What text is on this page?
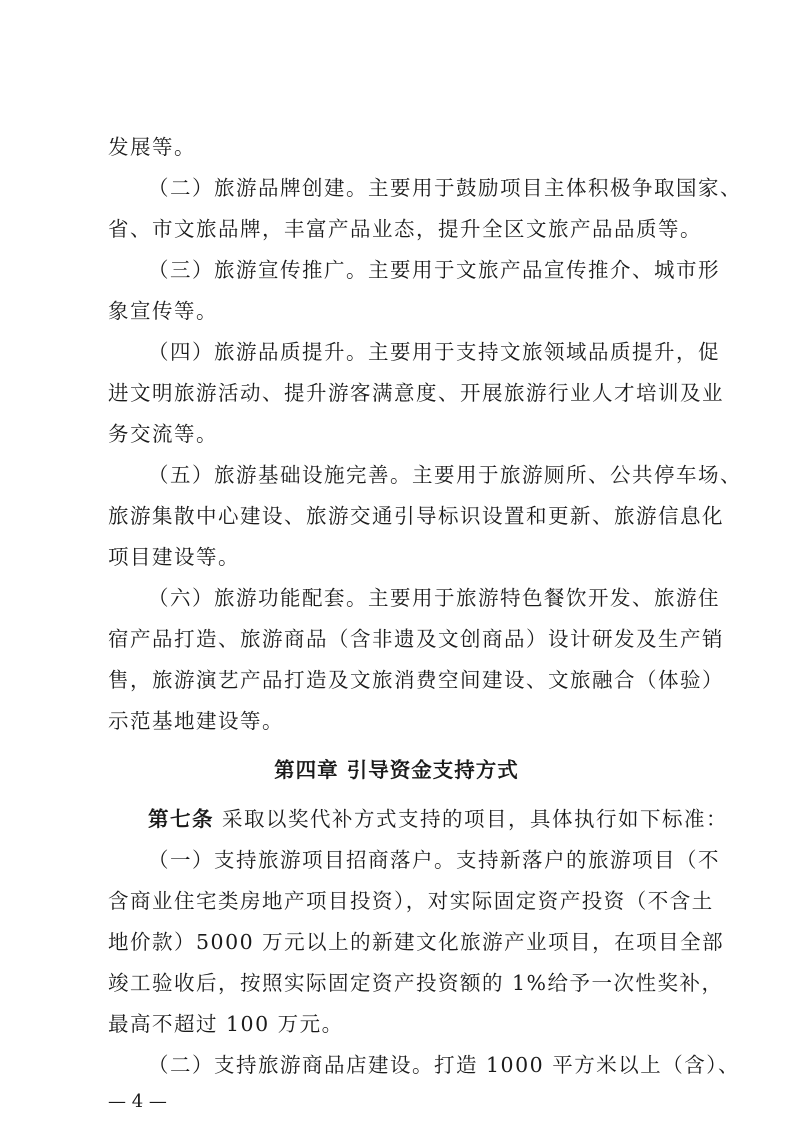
发展等。
（二）旅游品牌创建。主要用于鼓励项目主体积极争取国家、
省、市文旅品牌，丰富产品业态，提升全区文旅产品品质等。
（三）旅游宣传推广。主要用于文旅产品宣传推介、城市形
象宣传等。
（四）旅游品质提升。主要用于支持文旅领域品质提升，促
进文明旅游活动、提升游客满意度、开展旅游行业人才培训及业
务交流等。
（五）旅游基础设施完善。主要用于旅游厕所、公共停车场、
旅游集散中心建设、旅游交通引导标识设置和更新、旅游信息化
项目建设等。
（六）旅游功能配套。主要用于旅游特色餐饮开发、旅游住
宿产品打造、旅游商品（含非遗及文创商品）设计研发及生产销
售，旅游演艺产品打造及文旅消费空间建设、文旅融合（体验）
示范基地建设等。
第四章 引导资金支持方式
第七条 采取以奖代补方式支持的项目，具体执行如下标准：
（一）支持旅游项目招商落户。支持新落户的旅游项目（不
含商业住宅类房地产项目投资），对实际固定资产投资（不含土
地价款）5000 万元以上的新建文化旅游产业项目，在项目全部
竣工验收后，按照实际固定资产投资额的 1%给予一次性奖补，
最高不超过 100 万元。
（二）支持旅游商品店建设。打造 1000 平方米以上（含）、
— 4 —
